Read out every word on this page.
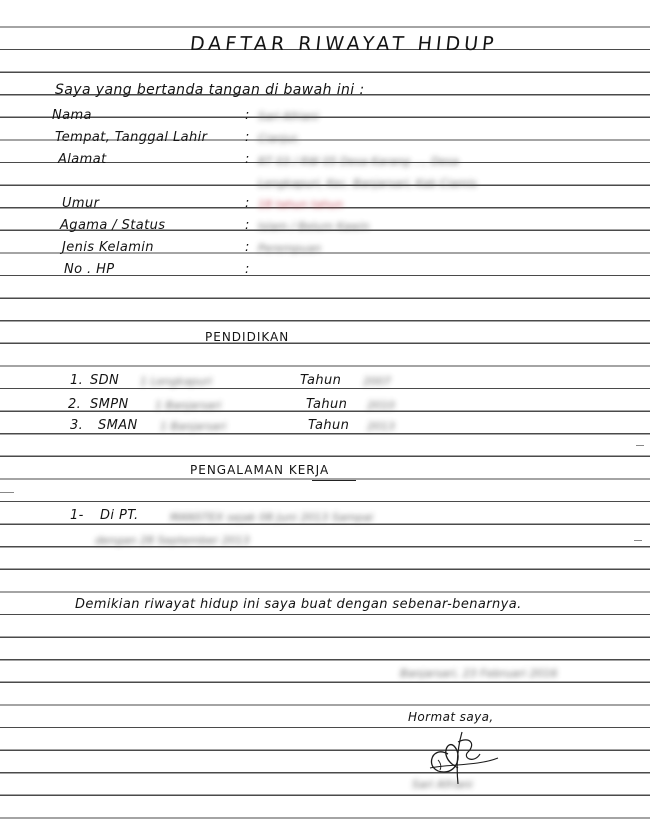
DAFTAR RIWAYAT HIDUP
Saya yang bertanda tangan di bawah ini :
Nama	: Sari Afriani
Tempat, Tanggal Lahir	: Cianjur,
Alamat	: RT 03 / RW 05 Desa Karang ..., Desa
Lengkapuri, Kec. Banjarsari, Kab Ciamis
Umur	: 18 tahun tahun
Agama / Status	: Islam / Belum Kawin
Jenis Kelamin	: Perempuan
No . HP	:
PENDIDIKAN
1. SDN 1 Lengkapuri	Tahun 2007
2. SMPN 1 Banjarsari	Tahun 2010
3. SMAN 1 Banjarsari	Tahun 2013
PENGALAMAN KERJA
1- Di PT.	MANSTEX sejak 08 Juni 2013 Sampai
dengan 28 September 2013
Demikian riwayat hidup ini saya buat dengan sebenar-benarnya.
Banjarsari, 23 Februari 2016
Hormat saya,
Sari Afriani
